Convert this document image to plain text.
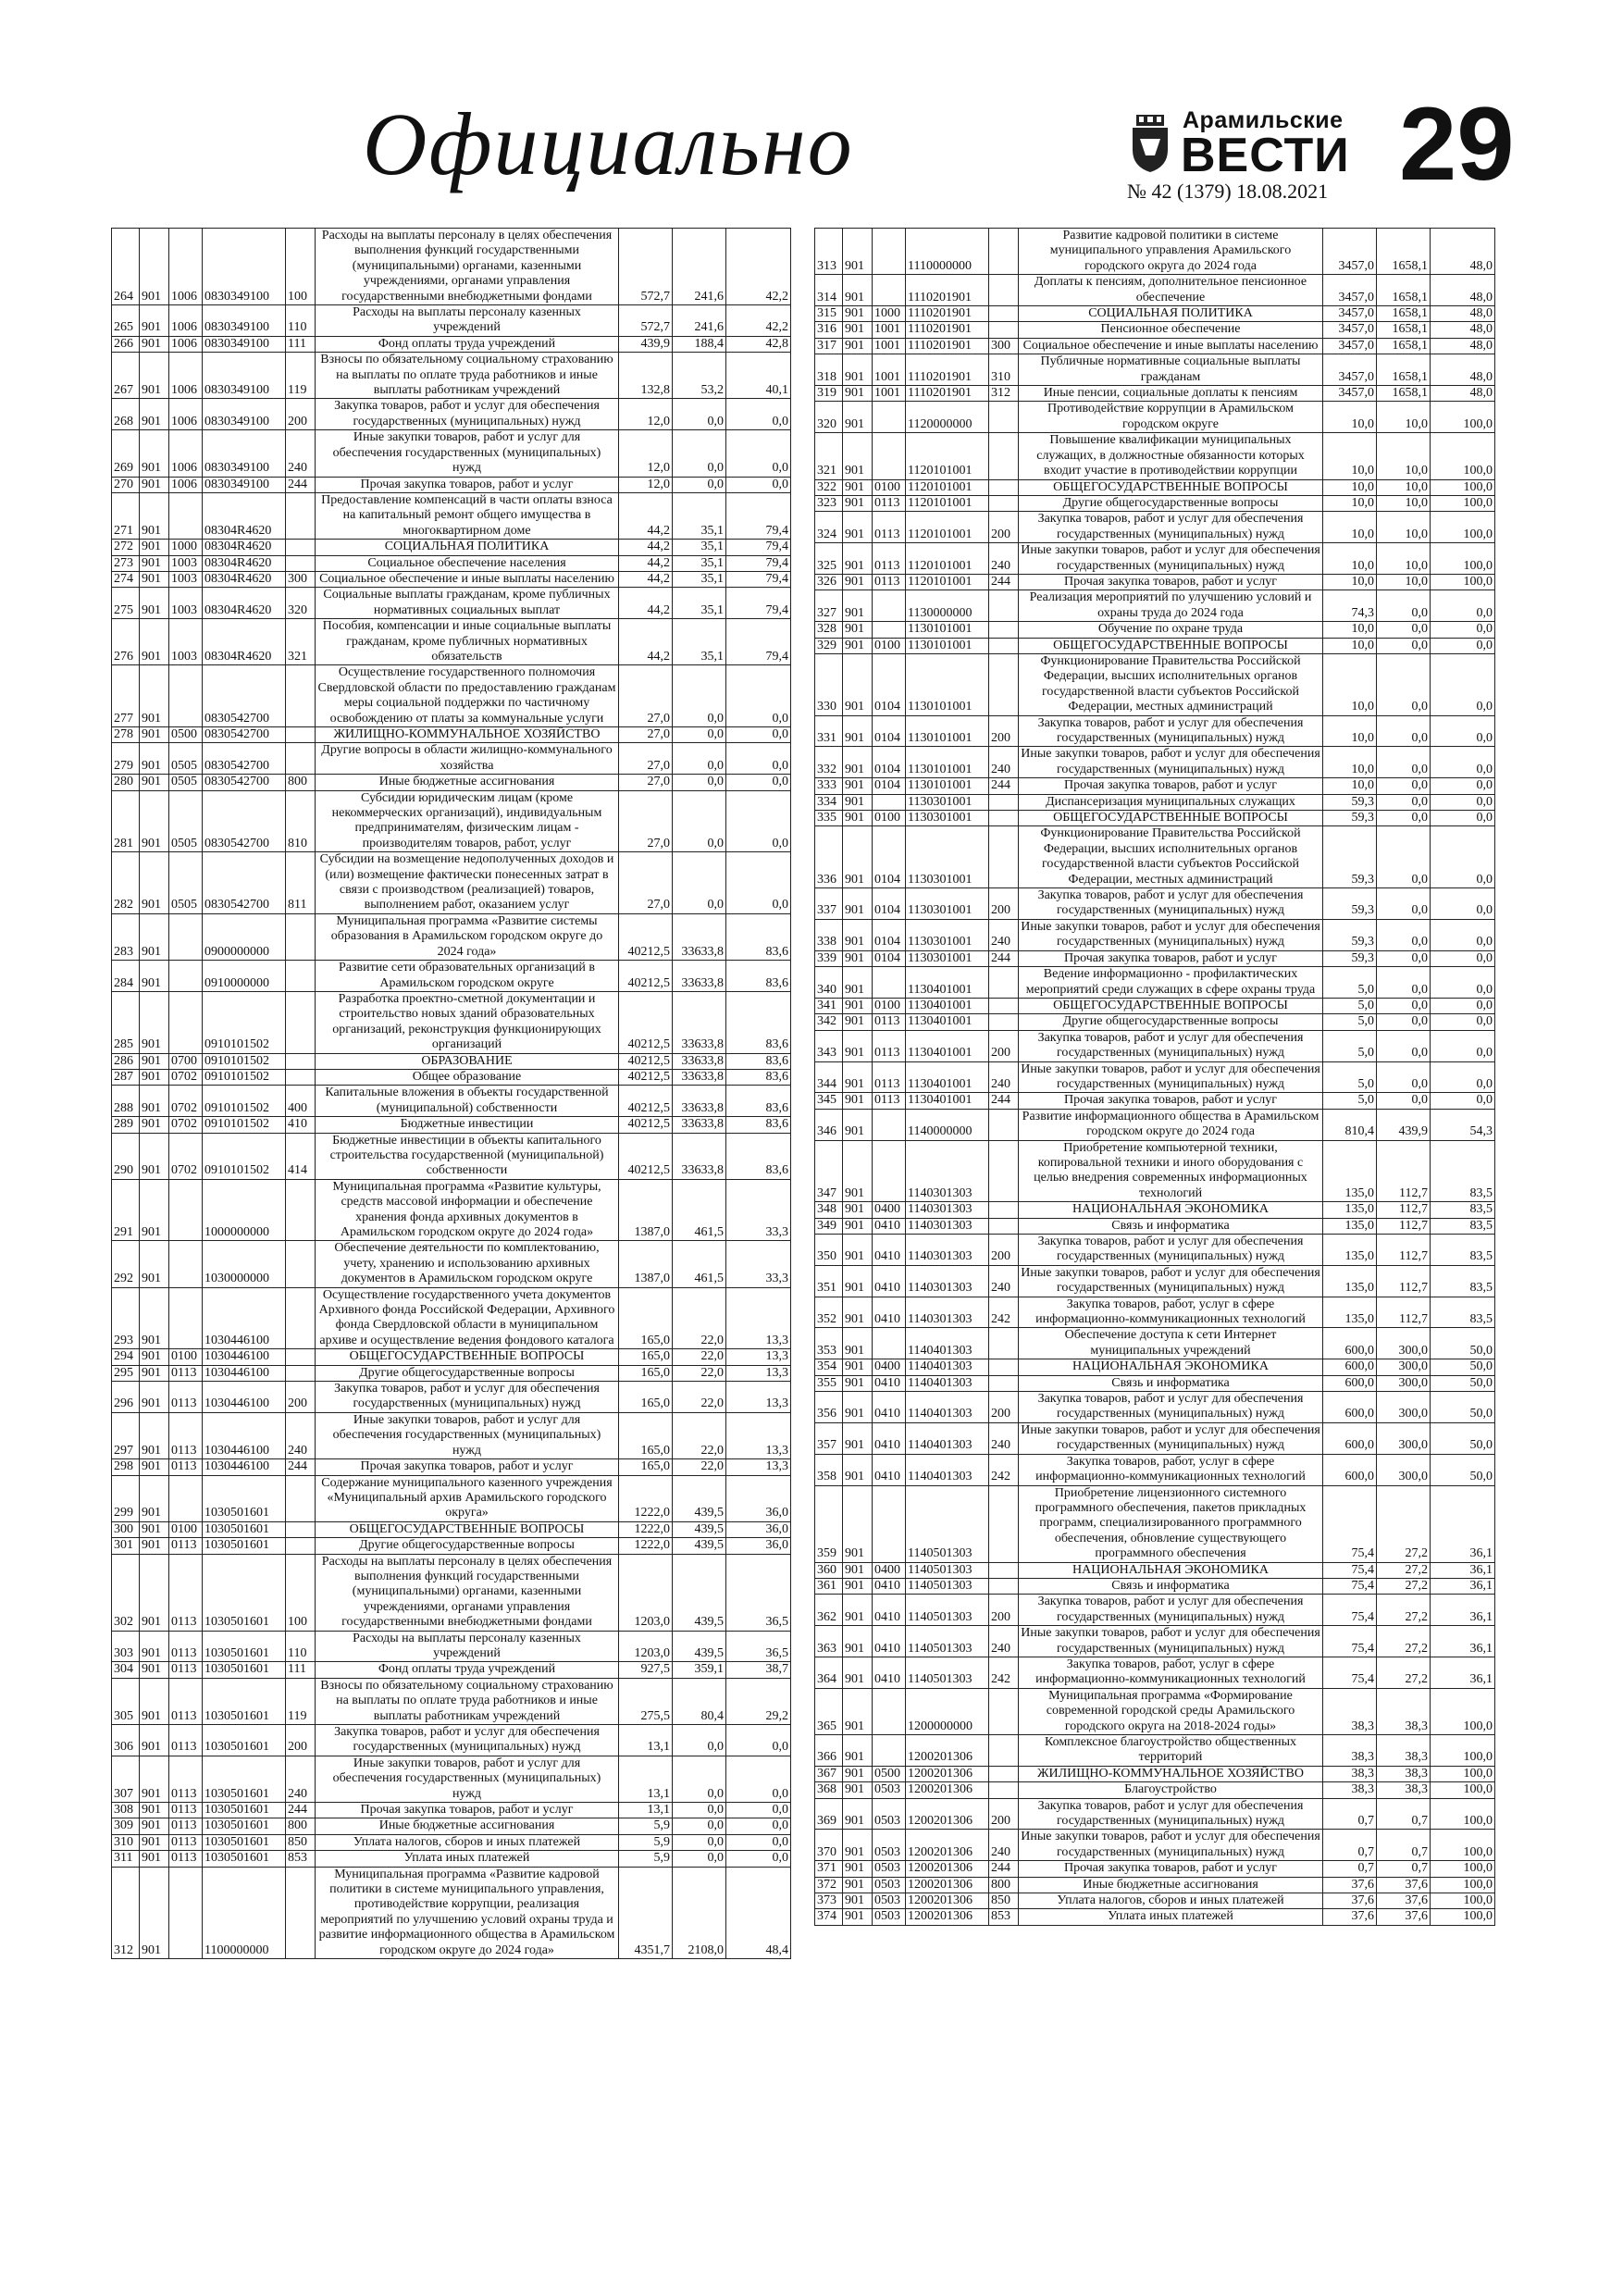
Официально	Арамильские
ВЕСТИ
№ 42 (1379) 18.08.2021 29
264	901	1006	0830349100	100	Расходы на выплаты персоналу в целях обеспечения выполнения функций государственными (муниципальными) органами, казенными учреждениями, органами управления государственными внебюджетными фондами	572,7	241,6	42,2
265	901	1006	0830349100	110	Расходы на выплаты персоналу казенных учреждений	572,7	241,6	42,2
266	901	1006	0830349100	111	Фонд оплаты труда учреждений	439,9	188,4	42,8
267	901	1006	0830349100	119	Взносы по обязательному социальному страхованию на выплаты по оплате труда работников и иные выплаты работникам учреждений	132,8	53,2	40,1
268	901	1006	0830349100	200	Закупка товаров, работ и услуг для обеспечения государственных (муниципальных) нужд	12,0	0,0	0,0
269	901	1006	0830349100	240	Иные закупки товаров, работ и услуг для обеспечения государственных (муниципальных) нужд	12,0	0,0	0,0
270	901	1006	0830349100	244	Прочая закупка товаров, работ и услуг	12,0	0,0	0,0
271	901		08304R4620		Предоставление компенсаций в части оплаты взноса на капитальный ремонт общего имущества в многоквартирном доме	44,2	35,1	79,4
272	901	1000	08304R4620		СОЦИАЛЬНАЯ ПОЛИТИКА	44,2	35,1	79,4
273	901	1003	08304R4620		Социальное обеспечение населения	44,2	35,1	79,4
274	901	1003	08304R4620	300	Социальное обеспечение и иные выплаты населению	44,2	35,1	79,4
275	901	1003	08304R4620	320	Социальные выплаты гражданам, кроме публичных нормативных социальных выплат	44,2	35,1	79,4
276	901	1003	08304R4620	321	Пособия, компенсации и иные социальные выплаты гражданам, кроме публичных нормативных обязательств	44,2	35,1	79,4
277	901		0830542700		Осуществление государственного полномочия Свердловской области по предоставлению гражданам меры социальной поддержки по частичному освобождению от платы за коммунальные услуги	27,0	0,0	0,0
278	901	0500	0830542700		ЖИЛИЩНО-КОММУНАЛЬНОЕ ХОЗЯЙСТВО	27,0	0,0	0,0
279	901	0505	0830542700		Другие вопросы в области жилищно-коммунального хозяйства	27,0	0,0	0,0
280	901	0505	0830542700	800	Иные бюджетные ассигнования	27,0	0,0	0,0
281	901	0505	0830542700	810	Субсидии юридическим лицам (кроме некоммерческих организаций), индивидуальным предпринимателям, физическим лицам - производителям товаров, работ, услуг	27,0	0,0	0,0
282	901	0505	0830542700	811	Субсидии на возмещение недополученных доходов и (или) возмещение фактически понесенных затрат в связи с производством (реализацией) товаров, выполнением работ, оказанием услуг	27,0	0,0	0,0
283	901		0900000000		Муниципальная программа «Развитие системы образования в Арамильском городском округе до 2024 года»	40212,5	33633,8	83,6
284	901		0910000000		Развитие сети образовательных организаций в Арамильском городском округе	40212,5	33633,8	83,6
285	901		0910101502		Разработка проектно-сметной документации и строительство новых зданий образовательных организаций, реконструкция функционирующих организаций	40212,5	33633,8	83,6
286	901	0700	0910101502		ОБРАЗОВАНИЕ	40212,5	33633,8	83,6
287	901	0702	0910101502		Общее образование	40212,5	33633,8	83,6
288	901	0702	0910101502	400	Капитальные вложения в объекты государственной (муниципальной) собственности	40212,5	33633,8	83,6
289	901	0702	0910101502	410	Бюджетные инвестиции	40212,5	33633,8	83,6
290	901	0702	0910101502	414	Бюджетные инвестиции в объекты капитального строительства государственной (муниципальной) собственности	40212,5	33633,8	83,6
291	901		1000000000		Муниципальная программа «Развитие культуры, средств массовой информации и обеспечение хранения фонда архивных документов в Арамильском городском округе до 2024 года»	1387,0	461,5	33,3
292	901		1030000000		Обеспечение деятельности по комплектованию, учету, хранению и использованию архивных документов в Арамильском городском округе	1387,0	461,5	33,3
293	901		1030446100		Осуществление государственного учета документов Архивного фонда Российской Федерации, Архивного фонда Свердловской области в муниципальном архиве и осуществление ведения фондового каталога	165,0	22,0	13,3
294	901	0100	1030446100		ОБЩЕГОСУДАРСТВЕННЫЕ ВОПРОСЫ	165,0	22,0	13,3
295	901	0113	1030446100		Другие общегосударственные вопросы	165,0	22,0	13,3
296	901	0113	1030446100	200	Закупка товаров, работ и услуг для обеспечения государственных (муниципальных) нужд	165,0	22,0	13,3
297	901	0113	1030446100	240	Иные закупки товаров, работ и услуг для обеспечения государственных (муниципальных) нужд	165,0	22,0	13,3
298	901	0113	1030446100	244	Прочая закупка товаров, работ и услуг	165,0	22,0	13,3
299	901		1030501601		Содержание муниципального казенного учреждения «Муниципальный архив Арамильского городского округа»	1222,0	439,5	36,0
300	901	0100	1030501601		ОБЩЕГОСУДАРСТВЕННЫЕ ВОПРОСЫ	1222,0	439,5	36,0
301	901	0113	1030501601		Другие общегосударственные вопросы	1222,0	439,5	36,0
302	901	0113	1030501601	100	Расходы на выплаты персоналу в целях обеспечения выполнения функций государственными (муниципальными) органами, казенными учреждениями, органами управления государственными внебюджетными фондами	1203,0	439,5	36,5
303	901	0113	1030501601	110	Расходы на выплаты персоналу казенных учреждений	1203,0	439,5	36,5
304	901	0113	1030501601	111	Фонд оплаты труда учреждений	927,5	359,1	38,7
305	901	0113	1030501601	119	Взносы по обязательному социальному страхованию на выплаты по оплате труда работников и иные выплаты работникам учреждений	275,5	80,4	29,2
306	901	0113	1030501601	200	Закупка товаров, работ и услуг для обеспечения государственных (муниципальных) нужд	13,1	0,0	0,0
307	901	0113	1030501601	240	Иные закупки товаров, работ и услуг для обеспечения государственных (муниципальных) нужд	13,1	0,0	0,0
308	901	0113	1030501601	244	Прочая закупка товаров, работ и услуг	13,1	0,0	0,0
309	901	0113	1030501601	800	Иные бюджетные ассигнования	5,9	0,0	0,0
310	901	0113	1030501601	850	Уплата налогов, сборов и иных платежей	5,9	0,0	0,0
311	901	0113	1030501601	853	Уплата иных платежей	5,9	0,0	0,0
312	901		1100000000		Муниципальная программа «Развитие кадровой политики в системе муниципального управления, противодействие коррупции, реализация мероприятий по улучшению условий охраны труда и развитие информационного общества в Арамильском городском округе до 2024 года»	4351,7	2108,0	48,4
313	901		1110000000		Развитие кадровой политики в системе муниципального управления Арамильского городского округа до 2024 года	3457,0	1658,1	48,0
314	901		1110201901		Доплаты к пенсиям, дополнительное пенсионное обеспечение	3457,0	1658,1	48,0
315	901	1000	1110201901		СОЦИАЛЬНАЯ ПОЛИТИКА	3457,0	1658,1	48,0
316	901	1001	1110201901		Пенсионное обеспечение	3457,0	1658,1	48,0
317	901	1001	1110201901	300	Социальное обеспечение и иные выплаты населению	3457,0	1658,1	48,0
318	901	1001	1110201901	310	Публичные нормативные социальные выплаты гражданам	3457,0	1658,1	48,0
319	901	1001	1110201901	312	Иные пенсии, социальные доплаты к пенсиям	3457,0	1658,1	48,0
320	901		1120000000		Противодействие коррупции в Арамильском городском округе	10,0	10,0	100,0
321	901		1120101001		Повышение квалификации муниципальных служащих, в должностные обязанности которых входит участие в противодействии коррупции	10,0	10,0	100,0
322	901	0100	1120101001		ОБЩЕГОСУДАРСТВЕННЫЕ ВОПРОСЫ	10,0	10,0	100,0
323	901	0113	1120101001		Другие общегосударственные вопросы	10,0	10,0	100,0
324	901	0113	1120101001	200	Закупка товаров, работ и услуг для обеспечения государственных (муниципальных) нужд	10,0	10,0	100,0
325	901	0113	1120101001	240	Иные закупки товаров, работ и услуг для обеспечения государственных (муниципальных) нужд	10,0	10,0	100,0
326	901	0113	1120101001	244	Прочая закупка товаров, работ и услуг	10,0	10,0	100,0
327	901		1130000000		Реализация мероприятий по улучшению условий и охраны труда до 2024 года	74,3	0,0	0,0
328	901		1130101001		Обучение по охране труда	10,0	0,0	0,0
329	901	0100	1130101001		ОБЩЕГОСУДАРСТВЕННЫЕ ВОПРОСЫ	10,0	0,0	0,0
330	901	0104	1130101001		Функционирование Правительства Российской Федерации, высших исполнительных органов государственной власти субъектов Российской Федерации, местных администраций	10,0	0,0	0,0
331	901	0104	1130101001	200	Закупка товаров, работ и услуг для обеспечения государственных (муниципальных) нужд	10,0	0,0	0,0
332	901	0104	1130101001	240	Иные закупки товаров, работ и услуг для обеспечения государственных (муниципальных) нужд	10,0	0,0	0,0
333	901	0104	1130101001	244	Прочая закупка товаров, работ и услуг	10,0	0,0	0,0
334	901		1130301001		Диспансеризация муниципальных служащих	59,3	0,0	0,0
335	901	0100	1130301001		ОБЩЕГОСУДАРСТВЕННЫЕ ВОПРОСЫ	59,3	0,0	0,0
336	901	0104	1130301001		Функционирование Правительства Российской Федерации, высших исполнительных органов государственной власти субъектов Российской Федерации, местных администраций	59,3	0,0	0,0
337	901	0104	1130301001	200	Закупка товаров, работ и услуг для обеспечения государственных (муниципальных) нужд	59,3	0,0	0,0
338	901	0104	1130301001	240	Иные закупки товаров, работ и услуг для обеспечения государственных (муниципальных) нужд	59,3	0,0	0,0
339	901	0104	1130301001	244	Прочая закупка товаров, работ и услуг	59,3	0,0	0,0
340	901		1130401001		Ведение информационно - профилактических мероприятий среди служащих в сфере охраны труда	5,0	0,0	0,0
341	901	0100	1130401001		ОБЩЕГОСУДАРСТВЕННЫЕ ВОПРОСЫ	5,0	0,0	0,0
342	901	0113	1130401001		Другие общегосударственные вопросы	5,0	0,0	0,0
343	901	0113	1130401001	200	Закупка товаров, работ и услуг для обеспечения государственных (муниципальных) нужд	5,0	0,0	0,0
344	901	0113	1130401001	240	Иные закупки товаров, работ и услуг для обеспечения государственных (муниципальных) нужд	5,0	0,0	0,0
345	901	0113	1130401001	244	Прочая закупка товаров, работ и услуг	5,0	0,0	0,0
346	901		1140000000		Развитие информационного общества в Арамильском городском округе до 2024 года	810,4	439,9	54,3
347	901		1140301303		Приобретение компьютерной техники, копировальной техники и иного оборудования с целью внедрения современных информационных технологий	135,0	112,7	83,5
348	901	0400	1140301303		НАЦИОНАЛЬНАЯ ЭКОНОМИКА	135,0	112,7	83,5
349	901	0410	1140301303		Связь и информатика	135,0	112,7	83,5
350	901	0410	1140301303	200	Закупка товаров, работ и услуг для обеспечения государственных (муниципальных) нужд	135,0	112,7	83,5
351	901	0410	1140301303	240	Иные закупки товаров, работ и услуг для обеспечения государственных (муниципальных) нужд	135,0	112,7	83,5
352	901	0410	1140301303	242	Закупка товаров, работ, услуг в сфере информационно-коммуникационных технологий	135,0	112,7	83,5
353	901		1140401303		Обеспечение доступа к сети Интернет муниципальных учреждений	600,0	300,0	50,0
354	901	0400	1140401303		НАЦИОНАЛЬНАЯ ЭКОНОМИКА	600,0	300,0	50,0
355	901	0410	1140401303		Связь и информатика	600,0	300,0	50,0
356	901	0410	1140401303	200	Закупка товаров, работ и услуг для обеспечения государственных (муниципальных) нужд	600,0	300,0	50,0
357	901	0410	1140401303	240	Иные закупки товаров, работ и услуг для обеспечения государственных (муниципальных) нужд	600,0	300,0	50,0
358	901	0410	1140401303	242	Закупка товаров, работ, услуг в сфере информационно-коммуникационных технологий	600,0	300,0	50,0
359	901		1140501303		Приобретение лицензионного системного программного обеспечения, пакетов прикладных программ, специализированного программного обеспечения, обновление существующего программного обеспечения	75,4	27,2	36,1
360	901	0400	1140501303		НАЦИОНАЛЬНАЯ ЭКОНОМИКА	75,4	27,2	36,1
361	901	0410	1140501303		Связь и информатика	75,4	27,2	36,1
362	901	0410	1140501303	200	Закупка товаров, работ и услуг для обеспечения государственных (муниципальных) нужд	75,4	27,2	36,1
363	901	0410	1140501303	240	Иные закупки товаров, работ и услуг для обеспечения государственных (муниципальных) нужд	75,4	27,2	36,1
364	901	0410	1140501303	242	Закупка товаров, работ, услуг в сфере информационно-коммуникационных технологий	75,4	27,2	36,1
365	901		1200000000		Муниципальная программа «Формирование современной городской среды Арамильского городского округа на 2018-2024 годы»	38,3	38,3	100,0
366	901		1200201306		Комплексное благоустройство общественных территорий	38,3	38,3	100,0
367	901	0500	1200201306		ЖИЛИЩНО-КОММУНАЛЬНОЕ ХОЗЯЙСТВО	38,3	38,3	100,0
368	901	0503	1200201306		Благоустройство	38,3	38,3	100,0
369	901	0503	1200201306	200	Закупка товаров, работ и услуг для обеспечения государственных (муниципальных) нужд	0,7	0,7	100,0
370	901	0503	1200201306	240	Иные закупки товаров, работ и услуг для обеспечения государственных (муниципальных) нужд	0,7	0,7	100,0
371	901	0503	1200201306	244	Прочая закупка товаров, работ и услуг	0,7	0,7	100,0
372	901	0503	1200201306	800	Иные бюджетные ассигнования	37,6	37,6	100,0
373	901	0503	1200201306	850	Уплата налогов, сборов и иных платежей	37,6	37,6	100,0
374	901	0503	1200201306	853	Уплата иных платежей	37,6	37,6	100,0
